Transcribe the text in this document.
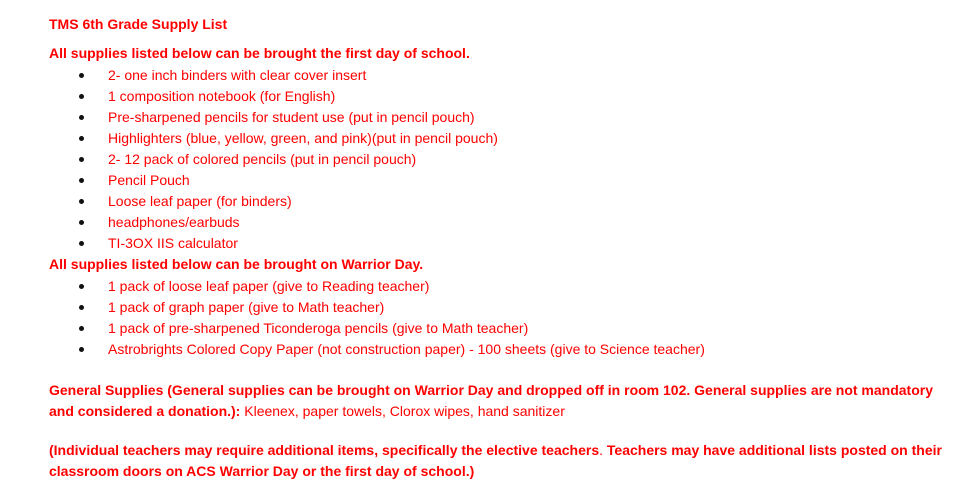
TMS 6th Grade Supply List
All supplies listed below can be brought the first day of school.
2- one inch binders with clear cover insert
1 composition notebook (for English)
Pre-sharpened pencils for student use (put in pencil pouch)
Highlighters (blue, yellow, green, and pink)(put in pencil pouch)
2- 12 pack of colored pencils (put in pencil pouch)
Pencil Pouch
Loose leaf paper (for binders)
headphones/earbuds
TI-3OX IIS calculator
All supplies listed below can be brought on Warrior Day.
1 pack of loose leaf paper (give to Reading teacher)
1 pack of graph paper (give to Math teacher)
1 pack of pre-sharpened Ticonderoga pencils (give to Math teacher)
Astrobrights Colored Copy Paper (not construction paper) - 100 sheets (give to Science teacher)
General Supplies (General supplies can be brought on Warrior Day and dropped off in room 102. General supplies are not mandatory and considered a donation.): Kleenex, paper towels, Clorox wipes, hand sanitizer
(Individual teachers may require additional items, specifically the elective teachers. Teachers may have additional lists posted on their classroom doors on ACS Warrior Day or the first day of school.)
